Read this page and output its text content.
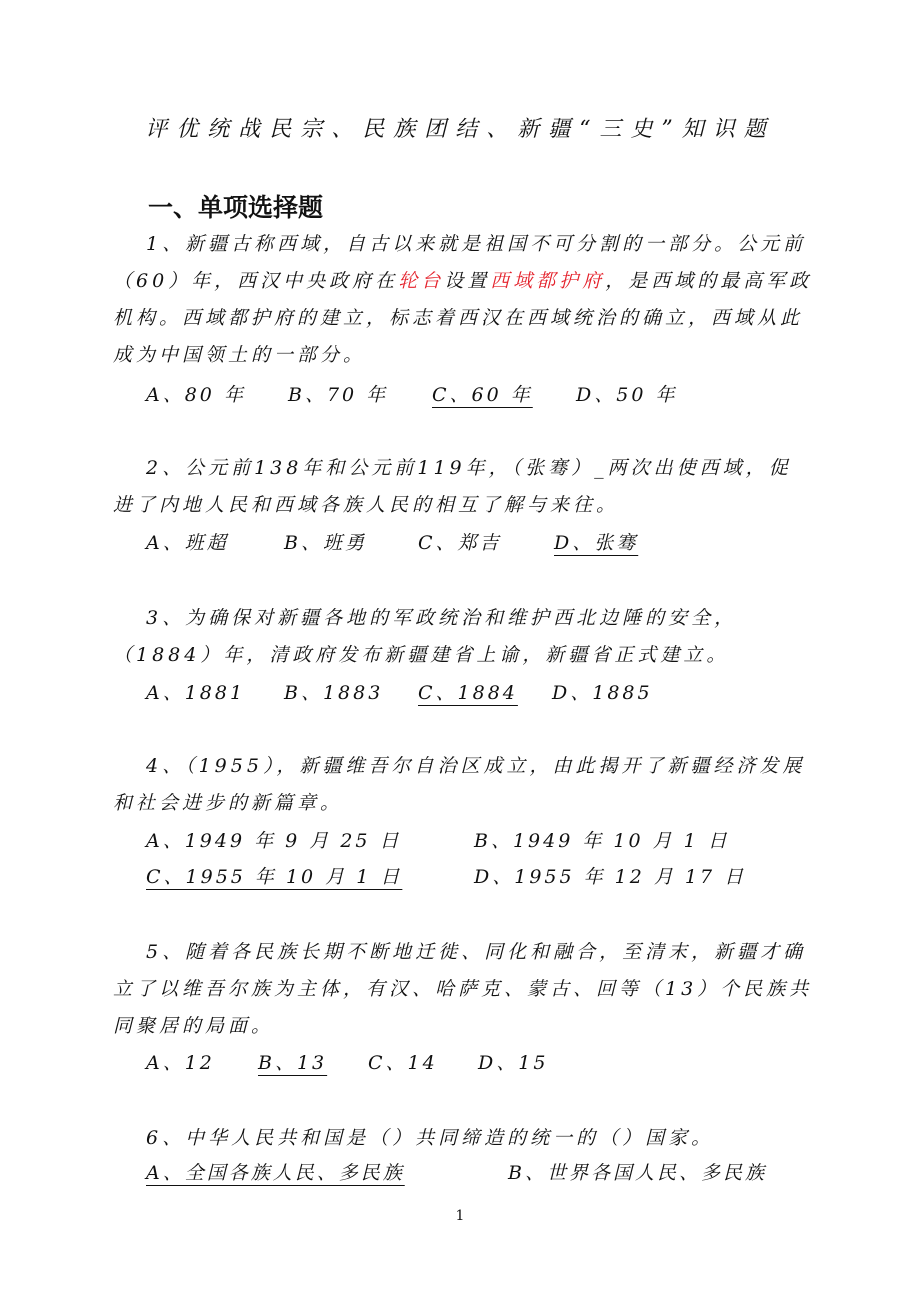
评优统战民宗、民族团结、新疆“三史”知识题
一、单项选择题
1、新疆古称西域，自古以来就是祖国不可分割的一部分。公元前（60）年，西汉中央政府在轮台设置西域都护府，是西域的最高军政机构。西域都护府的建立，标志着西汉在西域统治的确立，西域从此成为中国领土的一部分。
A、80 年 B、70 年 C、60 年 D、50 年
2、公元前138年和公元前119年，（张骞）_两次出使西域，促进了内地人民和西域各族人民的相互了解与来往。
A、班超	B、班勇	C、郑吉	D、张骞
3、为确保对新疆各地的军政统治和维护西北边陲的安全，（1884）年，清政府发布新疆建省上谕，新疆省正式建立。
A、1881 B、1883 C、1884 D、1885
4、（1955），新疆维吾尔自治区成立，由此揭开了新疆经济发展和社会进步的新篇章。
A、1949 年 9 月 25 日	B、1949 年 10 月 1 日
C、1955 年 10 月 1 日	D、1955 年 12 月 17 日
5、随着各民族长期不断地迁徙、同化和融合，至清末，新疆才确立了以维吾尔族为主体，有汉、哈萨克、蒙古、回等（13）个民族共同聚居的局面。
A、12 B、13 C、14 D、15
6、中华人民共和国是（）共同缔造的统一的（）国家。
A、全国各族人民、多民族	B、世界各国人民、多民族
1
